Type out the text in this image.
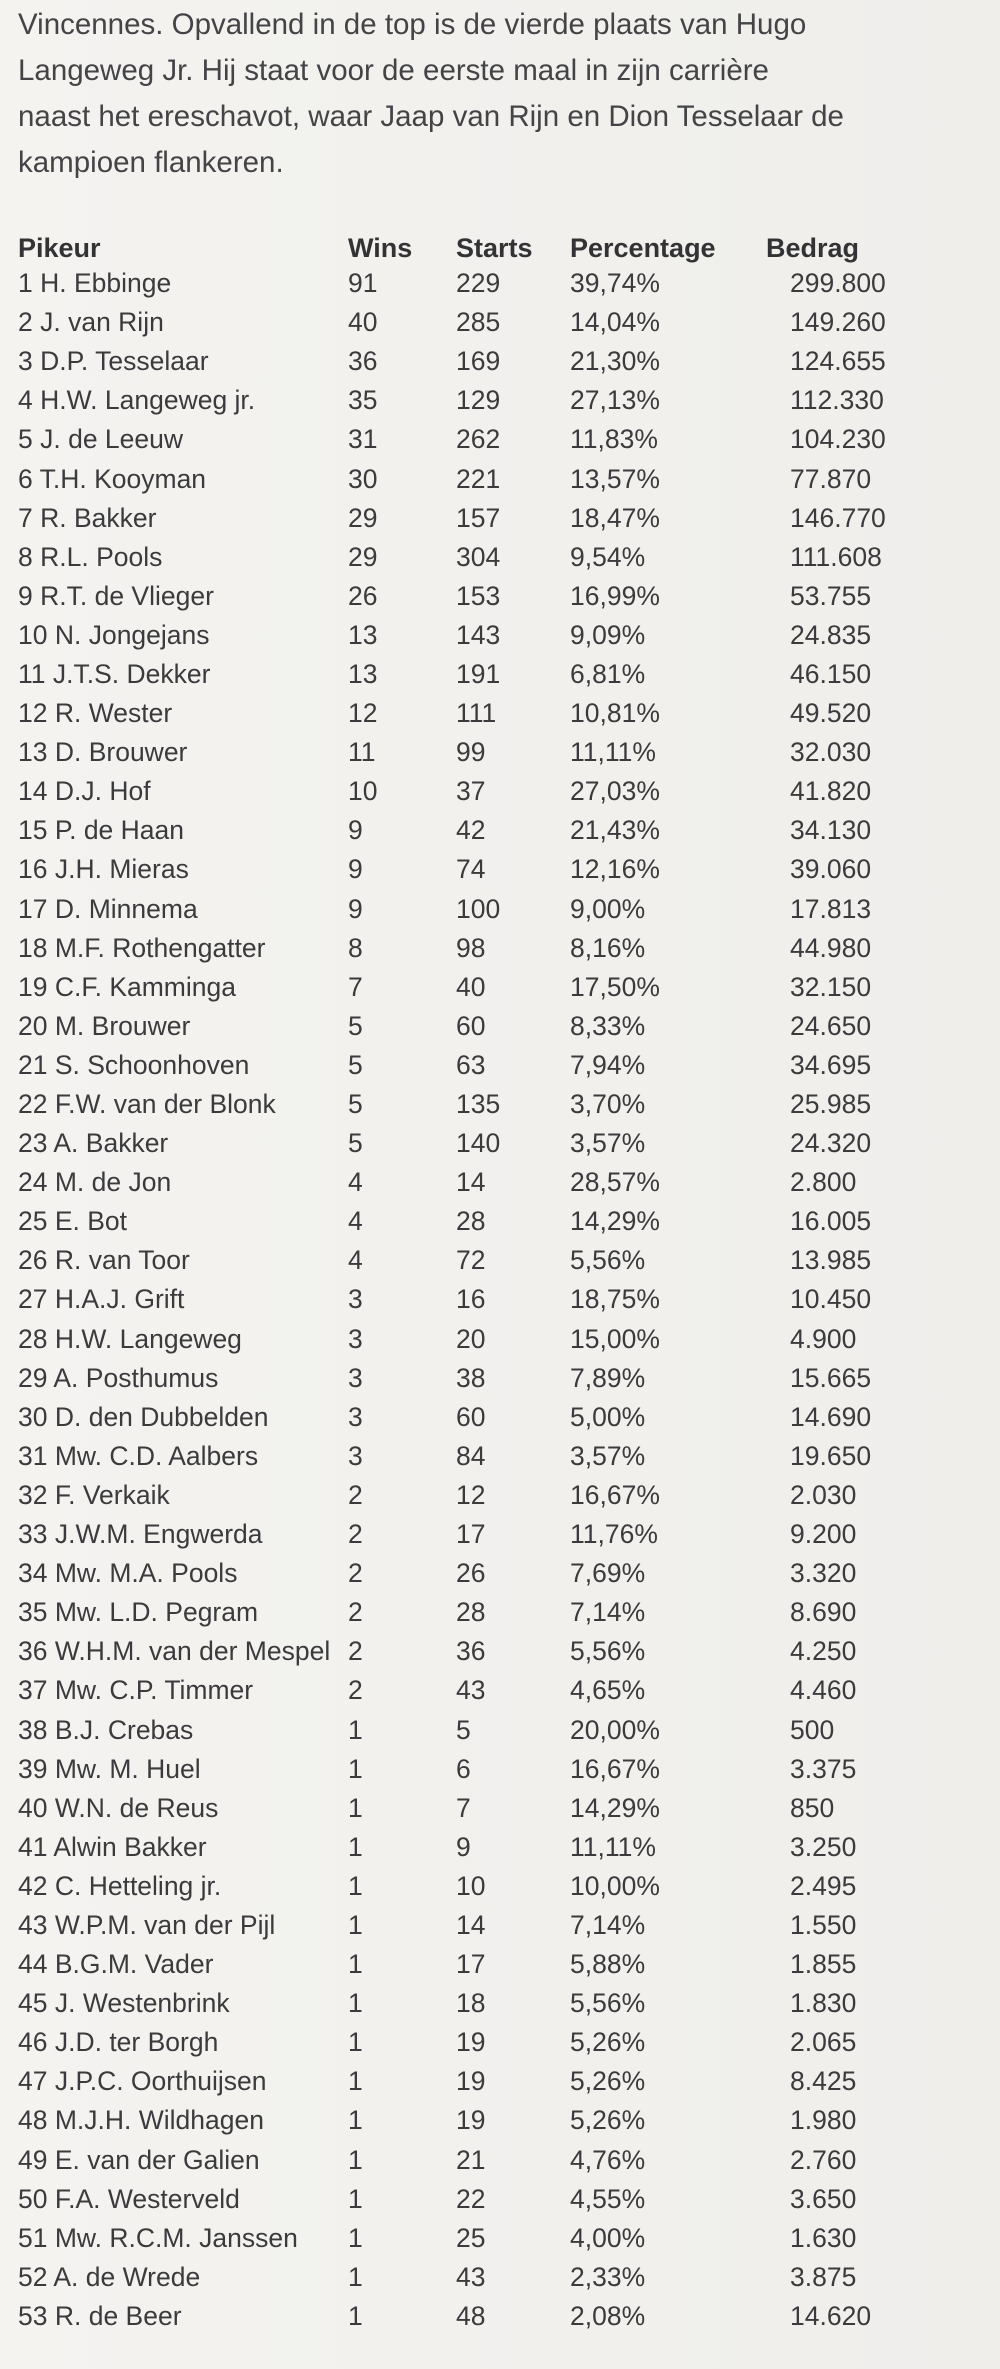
Vincennes. Opvallend in de top is de vierde plaats van Hugo
Langeweg Jr. Hij staat voor de eerste maal in zijn carrière
naast het ereschavot, waar Jaap van Rijn en Dion Tesselaar de
kampioen flankeren.

Pikeur	Wins	Starts	Percentage	Bedrag
1 H. Ebbinge	91	229	39,74%	299.800
2 J. van Rijn	40	285	14,04%	149.260
3 D.P. Tesselaar	36	169	21,30%	124.655
4 H.W. Langeweg jr.	35	129	27,13%	112.330
5 J. de Leeuw	31	262	11,83%	104.230
6 T.H. Kooyman	30	221	13,57%	77.870
7 R. Bakker	29	157	18,47%	146.770
8 R.L. Pools	29	304	9,54%	111.608
9 R.T. de Vlieger	26	153	16,99%	53.755
10 N. Jongejans	13	143	9,09%	24.835
11 J.T.S. Dekker	13	191	6,81%	46.150
12 R. Wester	12	111	10,81%	49.520
13 D. Brouwer	11	99	11,11%	32.030
14 D.J. Hof	10	37	27,03%	41.820
15 P. de Haan	9	42	21,43%	34.130
16 J.H. Mieras	9	74	12,16%	39.060
17 D. Minnema	9	100	9,00%	17.813
18 M.F. Rothengatter	8	98	8,16%	44.980
19 C.F. Kamminga	7	40	17,50%	32.150
20 M. Brouwer	5	60	8,33%	24.650
21 S. Schoonhoven	5	63	7,94%	34.695
22 F.W. van der Blonk	5	135	3,70%	25.985
23 A. Bakker	5	140	3,57%	24.320
24 M. de Jon	4	14	28,57%	2.800
25 E. Bot	4	28	14,29%	16.005
26 R. van Toor	4	72	5,56%	13.985
27 H.A.J. Grift	3	16	18,75%	10.450
28 H.W. Langeweg	3	20	15,00%	4.900
29 A. Posthumus	3	38	7,89%	15.665
30 D. den Dubbelden	3	60	5,00%	14.690
31 Mw. C.D. Aalbers	3	84	3,57%	19.650
32 F. Verkaik	2	12	16,67%	2.030
33 J.W.M. Engwerda	2	17	11,76%	9.200
34 Mw. M.A. Pools	2	26	7,69%	3.320
35 Mw. L.D. Pegram	2	28	7,14%	8.690
36 W.H.M. van der Mespel	2	36	5,56%	4.250
37 Mw. C.P. Timmer	2	43	4,65%	4.460
38 B.J. Crebas	1	5	20,00%	500
39 Mw. M. Huel	1	6	16,67%	3.375
40 W.N. de Reus	1	7	14,29%	850
41 Alwin Bakker	1	9	11,11%	3.250
42 C. Hetteling jr.	1	10	10,00%	2.495
43 W.P.M. van der Pijl	1	14	7,14%	1.550
44 B.G.M. Vader	1	17	5,88%	1.855
45 J. Westenbrink	1	18	5,56%	1.830
46 J.D. ter Borgh	1	19	5,26%	2.065
47 J.P.C. Oorthuijsen	1	19	5,26%	8.425
48 M.J.H. Wildhagen	1	19	5,26%	1.980
49 E. van der Galien	1	21	4,76%	2.760
50 F.A. Westerveld	1	22	4,55%	3.650
51 Mw. R.C.M. Janssen	1	25	4,00%	1.630
52 A. de Wrede	1	43	2,33%	3.875
53 R. de Beer	1	48	2,08%	14.620
